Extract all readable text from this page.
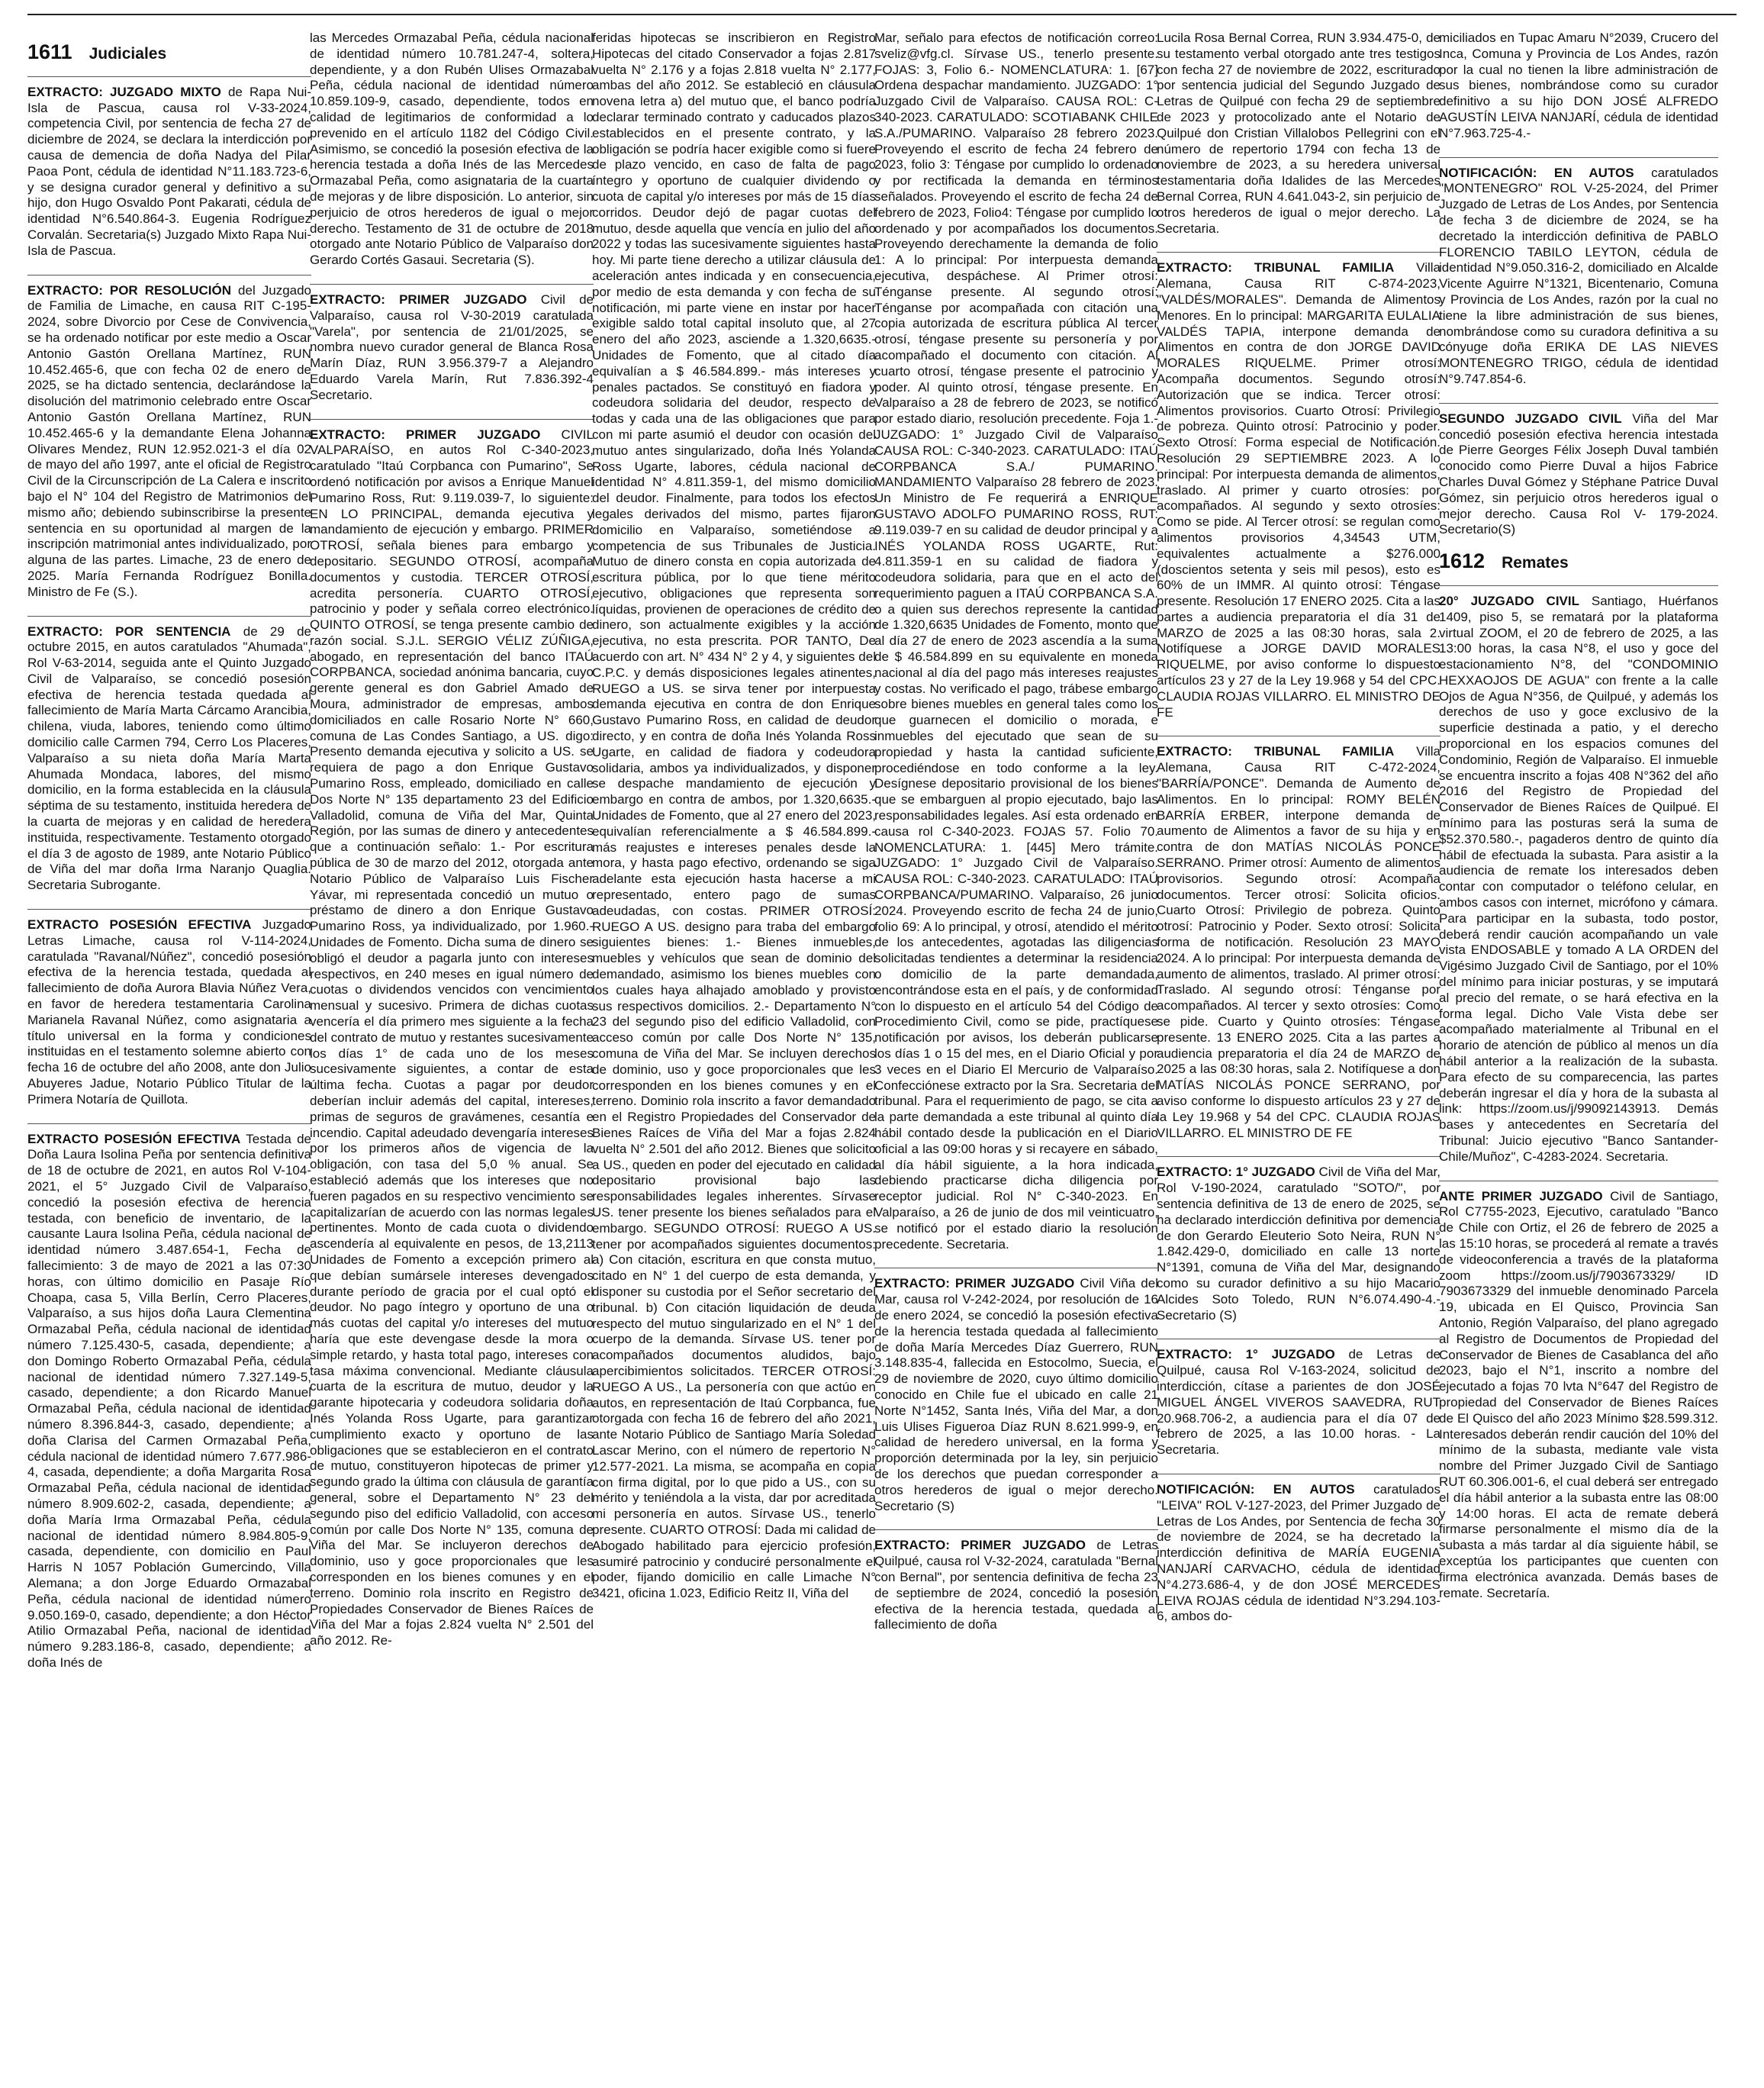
1611 Judiciales
EXTRACTO: JUZGADO MIXTO de Rapa Nui-Isla de Pascua, causa rol V-33-2024, competencia Civil, por sentencia de fecha 27 de diciembre de 2024, se declara la interdicción por causa de demencia de doña Nadya del Pilar Paoa Pont, cédula de identidad N°11.183.723-6, y se designa curador general y definitivo a su hijo, don Hugo Osvaldo Pont Pakarati, cédula de identidad N°6.540.864-3. Eugenia Rodríguez Corvalán. Secretaria(s) Juzgado Mixto Rapa Nui-Isla de Pascua.
EXTRACTO: POR RESOLUCIÓN del Juzgado de Familia de Limache, en causa RIT C-195-2024, sobre Divorcio por Cese de Convivencia, se ha ordenado notificar por este medio a Oscar Antonio Gastón Orellana Martínez, RUN 10.452.465-6, que con fecha 02 de enero de 2025, se ha dictado sentencia, declarándose la disolución del matrimonio celebrado entre Oscar Antonio Gastón Orellana Martínez, RUN 10.452.465-6 y la demandante Elena Johanna Olivares Mendez, RUN 12.952.021-3 el día 02 de mayo del año 1997, ante el oficial de Registro Civil de la Circunscripción de La Calera e inscrito bajo el N° 104 del Registro de Matrimonios del mismo año; debiendo subinscribirse la presente sentencia en su oportunidad al margen de la inscripción matrimonial antes individualizado, por alguna de las partes. Limache, 23 de enero de 2025. María Fernanda Rodríguez Bonilla. Ministro de Fe (S.).
EXTRACTO: POR SENTENCIA de 29 de octubre 2015, en autos caratulados "Ahumada", Rol V-63-2014, seguida ante el Quinto Juzgado Civil de Valparaíso, se concedió posesión efectiva de herencia testada quedada al fallecimiento de María Marta Cárcamo Arancibia, chilena, viuda, labores, teniendo como último domicilio calle Carmen 794, Cerro Los Placeres, Valparaíso a su nieta doña María Marta Ahumada Mondaca, labores, del mismo domicilio, en la forma establecida en la cláusula séptima de su testamento, instituida heredera de la cuarta de mejoras y en calidad de heredera instituida, respectivamente. Testamento otorgado el día 3 de agosto de 1989, ante Notario Público de Viña del mar doña Irma Naranjo Quaglia. Secretaria Subrogante.
EXTRACTO POSESIÓN EFECTIVA Juzgado Letras Limache, causa rol V-114-2024, caratulada "Ravanal/Núñez", concedió posesión efectiva de la herencia testada, quedada al fallecimiento de doña Aurora Blavia Núñez Vera, en favor de heredera testamentaria Carolina Marianela Ravanal Núñez, como asignataria a título universal en la forma y condiciones instituidas en el testamento solemne abierto con fecha 16 de octubre del año 2008, ante don Julio Abuyeres Jadue, Notario Público Titular de la Primera Notaría de Quillota.
EXTRACTO POSESIÓN EFECTIVA Testada de Doña Laura Isolina Peña por sentencia definitiva de 18 de octubre de 2021, en autos Rol V-104- 2021, el 5° Juzgado Civil de Valparaíso, concedió la posesión efectiva de herencia testada, con beneficio de inventario, de la causante Laura Isolina Peña, cédula nacional de identidad número 3.487.654-1, Fecha de fallecimiento: 3 de mayo de 2021 a las 07:30 horas, con último domicilio en Pasaje Río Choapa, casa 5, Villa Berlín, Cerro Placeres, Valparaíso, a sus hijos doña Laura Clementina Ormazabal Peña, cédula nacional de identidad número 7.125.430-5, casada, dependiente; a don Domingo Roberto Ormazabal Peña, cédula nacional de identidad número 7.327.149-5, casado, dependiente; a don Ricardo Manuel Ormazabal Peña, cédula nacional de identidad número 8.396.844-3, casado, dependiente; a doña Clarisa del Carmen Ormazabal Peña, cédula nacional de identidad número 7.677.986-4, casada, dependiente; a doña Margarita Rosa Ormazabal Peña, cédula nacional de identidad número 8.909.602-2, casada, dependiente; a doña María Irma Ormazabal Peña, cédula nacional de identidad número 8.984.805-9, casada, dependiente, con domicilio en Paul Harris N 1057 Población Gumercindo, Villa Alemana; a don Jorge Eduardo Ormazabal Peña, cédula nacional de identidad número 9.050.169-0, casado, dependiente; a don Héctor Atilio Ormazabal Peña, nacional de identidad número 9.283.186-8, casado, dependiente; a doña Inés de
las Mercedes Ormazabal Peña, cédula nacional de identidad número 10.781.247-4, soltera, dependiente, y a don Rubén Ulises Ormazabal Peña, cédula nacional de identidad número 10.859.109-9, casado, dependiente, todos en calidad de legitimarios de conformidad a lo prevenido en el artículo 1182 del Código Civil. Asimismo, se concedió la posesión efectiva de la herencia testada a doña Inés de las Mercedes Ormazabal Peña, como asignataria de la cuarta de mejoras y de libre disposición. Lo anterior, sin perjuicio de otros herederos de igual o mejor derecho. Testamento de 31 de octubre de 2018 otorgado ante Notario Público de Valparaíso don Gerardo Cortés Gasaui. Secretaria (S).
EXTRACTO: PRIMER JUZGADO Civil de Valparaíso, causa rol V-30-2019 caratulada "Varela", por sentencia de 21/01/2025, se nombra nuevo curador general de Blanca Rosa Marín Díaz, RUN 3.956.379-7 a Alejandro Eduardo Varela Marín, Rut 7.836.392-4 Secretario.
EXTRACTO: PRIMER JUZGADO CIVIL VALPARAÍSO, en autos Rol C-340-2023, caratulado "Itaú Corpbanca con Pumarino", Se ordenó notificación por avisos a Enrique Manuel Pumarino Ross, Rut: 9.119.039-7, lo siguiente: EN LO PRINCIPAL, demanda ejecutiva y mandamiento de ejecución y embargo. PRIMER OTROSÍ, señala bienes para embargo y depositario. SEGUNDO OTROSÍ, acompaña documentos y custodia. TERCER OTROSÍ, acredita personería. CUARTO OTROSÍ, patrocinio y poder y señala correo electrónico. QUINTO OTROSÍ, se tenga presente cambio de razón social. S.J.L. SERGIO VÉLIZ ZÚÑIGA, abogado, en representación del banco ITAÚ CORPBANCA, sociedad anónima bancaria, cuyo gerente general es don Gabriel Amado de Moura, administrador de empresas, ambos domiciliados en calle Rosario Norte N° 660, comuna de Las Condes Santiago, a US. digo: Presento demanda ejecutiva y solicito a US. se requiera de pago a don Enrique Gustavo Pumarino Ross, empleado, domiciliado en calle Dos Norte N° 135 departamento 23 del Edificio Valladolid, comuna de Viña del Mar, Quinta Región, por las sumas de dinero y antecedentes que a continuación señalo: 1.- Por escritura pública de 30 de marzo del 2012, otorgada ante Notario Público de Valparaíso Luis Fischer Yávar, mi representada concedió un mutuo o préstamo de dinero a don Enrique Gustavo Pumarino Ross, ya individualizado, por 1.960.- Unidades de Fomento. Dicha suma de dinero se obligó el deudor a pagarla junto con intereses respectivos, en 240 meses en igual número de cuotas o dividendos vencidos con vencimiento mensual y sucesivo. Primera de dichas cuotas vencería el día primero mes siguiente a la fecha del contrato de mutuo y restantes sucesivamente los días 1° de cada uno de los meses sucesivamente siguientes, a contar de esta última fecha. Cuotas a pagar por deudor deberían incluir además del capital, intereses, primas de seguros de gravámenes, cesantía e incendio. Capital adeudado devengaría intereses por los primeros años de vigencia de la obligación, con tasa del 5,0 % anual. Se estableció además que los intereses que no fueren pagados en su respectivo vencimiento se capitalizarían de acuerdo con las normas legales pertinentes. Monto de cada cuota o dividendo ascendería al equivalente en pesos, de 13,2113 Unidades de Fomento a excepción primero al que debían sumársele intereses devengados durante período de gracia por el cual optó el deudor. No pago íntegro y oportuno de una o más cuotas del capital y/o intereses del mutuo haría que este devengase desde la mora o simple retardo, y hasta total pago, intereses con tasa máxima convencional. Mediante cláusula cuarta de la escritura de mutuo, deudor y la garante hipotecaria y codeudora solidaria doña Inés Yolanda Ross Ugarte, para garantizar cumplimiento exacto y oportuno de las obligaciones que se establecieron en el contrato de mutuo, constituyeron hipotecas de primer y segundo grado la última con cláusula de garantía general, sobre el Departamento N° 23 del segundo piso del edificio Valladolid, con acceso común por calle Dos Norte N° 135, comuna de Viña del Mar. Se incluyeron derechos de dominio, uso y goce proporcionales que les corresponden en los bienes comunes y en el terreno. Dominio rola inscrito en Registro de Propiedades Conservador de Bienes Raíces de Viña del Mar a fojas 2.824 vuelta N° 2.501 del año 2012. Re-
feridas hipotecas se inscribieron en Registro Hipotecas del citado Conservador a fojas 2.817 vuelta N° 2.176 y a fojas 2.818 vuelta N° 2.177, ambas del año 2012. Se estableció en cláusula novena letra a) del mutuo que, el banco podría declarar terminado contrato y caducados plazos establecidos en el presente contrato, y la obligación se podría hacer exigible como si fuere de plazo vencido, en caso de falta de pago íntegro y oportuno de cualquier dividendo o cuota de capital y/o intereses por más de 15 días corridos. Deudor dejó de pagar cuotas del mutuo, desde aquella que vencía en julio del año 2022 y todas las sucesivamente siguientes hasta hoy. Mi parte tiene derecho a utilizar cláusula de aceleración antes indicada y en consecuencia, por medio de esta demanda y con fecha de su notificación, mi parte viene en instar por hacer exigible saldo total capital insoluto que, al 27 enero del año 2023, asciende a 1.320,6635.- Unidades de Fomento, que al citado día equivalían a $ 46.584.899.- más intereses y penales pactados. Se constituyó en fiadora y codeudora solidaria del deudor, respecto de todas y cada una de las obligaciones que para con mi parte asumió el deudor con ocasión del mutuo antes singularizado, doña Inés Yolanda Ross Ugarte, labores, cédula nacional de identidad N° 4.811.359-1, del mismo domicilio del deudor. Finalmente, para todos los efectos legales derivados del mismo, partes fijaron domicilio en Valparaíso, sometiéndose a competencia de sus Tribunales de Justicia. Mutuo de dinero consta en copia autorizada de escritura pública, por lo que tiene mérito ejecutivo, obligaciones que representa son líquidas, provienen de operaciones de crédito de dinero, son actualmente exigibles y la acción ejecutiva, no esta prescrita. POR TANTO, De acuerdo con art. N° 434 N° 2 y 4, y siguientes del C.P.C. y demás disposiciones legales atinentes, RUEGO a US. se sirva tener por interpuesta demanda ejecutiva en contra de don Enrique Gustavo Pumarino Ross, en calidad de deudor directo, y en contra de doña Inés Yolanda Ross Ugarte, en calidad de fiadora y codeudora solidaria, ambos ya individualizados, y disponer se despache mandamiento de ejecución y embargo en contra de ambos, por 1.320,6635.- Unidades de Fomento, que al 27 enero del 2023, equivalían referencialmente a $ 46.584.899.- más reajustes e intereses penales desde la mora, y hasta pago efectivo, ordenando se siga adelante esta ejecución hasta hacerse a mi representado, entero pago de sumas adeudadas, con costas. PRIMER OTROSÍ: RUEGO A US. designo para traba del embargo siguientes bienes: 1.- Bienes inmuebles, muebles y vehículos que sean de dominio del demandado, asimismo los bienes muebles con los cuales haya alhajado amoblado y provisto sus respectivos domicilios. 2.- Departamento N° 23 del segundo piso del edificio Valladolid, con acceso común por calle Dos Norte N° 135, comuna de Viña del Mar. Se incluyen derechos de dominio, uso y goce proporcionales que les corresponden en los bienes comunes y en el terreno. Dominio rola inscrito a favor demandado en el Registro Propiedades del Conservador de Bienes Raíces de Viña del Mar a fojas 2.824 vuelta N° 2.501 del año 2012. Bienes que solicito a US., queden en poder del ejecutado en calidad depositario provisional bajo las responsabilidades legales inherentes. Sírvase US. tener presente los bienes señalados para el embargo. SEGUNDO OTROSÍ: RUEGO A US. tener por acompañados siguientes documentos: a) Con citación, escritura en que consta mutuo, citado en N° 1 del cuerpo de esta demanda, y disponer su custodia por el Señor secretario del tribunal. b) Con citación liquidación de deuda respecto del mutuo singularizado en el N° 1 del cuerpo de la demanda. Sírvase US. tener por acompañados documentos aludidos, bajo apercibimientos solicitados. TERCER OTROSÍ: RUEGO A US., La personería con que actúo en autos, en representación de Itaú Corpbanca, fue otorgada con fecha 16 de febrero del año 2021, ante Notario Público de Santiago María Soledad Lascar Merino, con el número de repertorio N° 12.577-2021. La misma, se acompaña en copia con firma digital, por lo que pido a US., con su mérito y teniéndola a la vista, dar por acreditada mi personería en autos. Sírvase US., tenerlo presente. CUARTO OTROSÍ: Dada mi calidad de Abogado habilitado para ejercicio profesión, asumiré patrocinio y conduciré personalmente el poder, fijando domicilio en calle Limache N° 3421, oficina 1.023, Edificio Reitz II, Viña del
Mar, señalo para efectos de notificación correo: sveliz@vfg.cl. Sírvase US., tenerlo presente. FOJAS: 3, Folio 6.- NOMENCLATURA: 1. [67] Ordena despachar mandamiento. JUZGADO: 1° Juzgado Civil de Valparaíso. CAUSA ROL: C-340-2023. CARATULADO: SCOTIABANK CHILE S.A./PUMARINO. Valparaíso 28 febrero 2023. Proveyendo el escrito de fecha 24 febrero de 2023, folio 3: Téngase por cumplido lo ordenado y por rectificada la demanda en términos señalados. Proveyendo el escrito de fecha 24 de febrero de 2023, Folio4: Téngase por cumplido lo ordenado y por acompañados los documentos. Proveyendo derechamente la demanda de folio 1: A lo principal: Por interpuesta demanda ejecutiva, despáchese. Al Primer otrosí: Ténganse presente. Al segundo otrosí: Ténganse por acompañada con citación una copia autorizada de escritura pública Al tercer otrosí, téngase presente su personería y por acompañado el documento con citación. Al cuarto otrosí, téngase presente el patrocinio y poder. Al quinto otrosí, téngase presente. En Valparaíso a 28 de febrero de 2023, se notificó por estado diario, resolución precedente. Foja 1.- JUZGADO: 1° Juzgado Civil de Valparaíso CAUSA ROL: C-340-2023. CARATULADO: ITAÚ CORPBANCA S.A./ PUMARINO. MANDAMIENTO Valparaíso 28 febrero de 2023. Un Ministro de Fe requerirá a ENRIQUE GUSTAVO ADOLFO PUMARINO ROSS, RUT: 9.119.039-7 en su calidad de deudor principal y a INÉS YOLANDA ROSS UGARTE, Rut: 4.811.359-1 en su calidad de fiadora y codeudora solidaria, para que en el acto del requerimiento paguen a ITAÚ CORPBANCA S.A. o a quien sus derechos represente la cantidad de 1.320,6635 Unidades de Fomento, monto que al día 27 de enero de 2023 ascendía a la suma de $ 46.584.899 en su equivalente en moneda nacional al día del pago más intereses reajustes y costas. No verificado el pago, trábese embargo sobre bienes muebles en general tales como los que guarnecen el domicilio o morada, e inmuebles del ejecutado que sean de su propiedad y hasta la cantidad suficiente, procediéndose en todo conforme a la ley. Desígnese depositario provisional de los bienes que se embarguen al propio ejecutado, bajo las responsabilidades legales. Así esta ordenado en causa rol C-340-2023. FOJAS 57. Folio 70. NOMENCLATURA: 1. [445] Mero trámite. JUZGADO: 1° Juzgado Civil de Valparaíso. CAUSA ROL: C-340-2023. CARATULADO: ITAÚ CORPBANCA/PUMARINO. Valparaíso, 26 junio 2024. Proveyendo escrito de fecha 24 de junio, folio 69: A lo principal, y otrosí, atendido el mérito de los antecedentes, agotadas las diligencias solicitadas tendientes a determinar la residencia o domicilio de la parte demandada, encontrándose esta en el país, y de conformidad con lo dispuesto en el artículo 54 del Código de Procedimiento Civil, como se pide, practíquese notificación por avisos, los deberán publicarse los días 1 o 15 del mes, en el Diario Oficial y por 3 veces en el Diario El Mercurio de Valparaíso. Confecciónese extracto por la Sra. Secretaria del tribunal. Para el requerimiento de pago, se cita a la parte demandada a este tribunal al quinto día hábil contado desde la publicación en el Diario oficial a las 09:00 horas y si recayere en sábado, al día hábil siguiente, a la hora indicada, debiendo practicarse dicha diligencia por receptor judicial. Rol N° C-340-2023. En Valparaíso, a 26 de junio de dos mil veinticuatro, se notificó por el estado diario la resolución precedente. Secretaria.
EXTRACTO: PRIMER JUZGADO Civil Viña del Mar, causa rol V-242-2024, por resolución de 16 de enero 2024, se concedió la posesión efectiva de la herencia testada quedada al fallecimiento de doña María Mercedes Díaz Guerrero, RUN 3.148.835-4, fallecida en Estocolmo, Suecia, el 29 de noviembre de 2020, cuyo último domicilio conocido en Chile fue el ubicado en calle 21 Norte N°1452, Santa Inés, Viña del Mar, a don Luis Ulises Figueroa Díaz RUN 8.621.999-9, en calidad de heredero universal, en la forma y proporción determinada por la ley, sin perjuicio de los derechos que puedan corresponder a otros herederos de igual o mejor derecho. Secretario (S)
EXTRACTO: PRIMER JUZGADO de Letras Quilpué, causa rol V-32-2024, caratulada "Bernal con Bernal", por sentencia definitiva de fecha 23 de septiembre de 2024, concedió la posesión efectiva de la herencia testada, quedada al fallecimiento de doña
Lucila Rosa Bernal Correa, RUN 3.934.475-0, de su testamento verbal otorgado ante tres testigos con fecha 27 de noviembre de 2022, escriturado por sentencia judicial del Segundo Juzgado de Letras de Quilpué con fecha 29 de septiembre de 2023 y protocolizado ante el Notario de Quilpué don Cristian Villalobos Pellegrini con el número de repertorio 1794 con fecha 13 de noviembre de 2023, a su heredera universal testamentaria doña Idalides de las Mercedes Bernal Correa, RUN 4.641.043-2, sin perjuicio de otros herederos de igual o mejor derecho. La Secretaria.
EXTRACTO: TRIBUNAL FAMILIA Villa Alemana, Causa RIT C-874-2023, "VALDÉS/MORALES". Demanda de Alimentos Menores. En lo principal: MARGARITA EULALIA VALDÉS TAPIA, interpone demanda de Alimentos en contra de don JORGE DAVID MORALES RIQUELME. Primer otrosí: Acompaña documentos. Segundo otrosí: Autorización que se indica. Tercer otrosí: Alimentos provisorios. Cuarto Otrosí: Privilegio de pobreza. Quinto otrosí: Patrocinio y poder. Sexto Otrosí: Forma especial de Notificación. Resolución 29 SEPTIEMBRE 2023. A lo principal: Por interpuesta demanda de alimentos, traslado. Al primer y cuarto otrosíes: por acompañados. Al segundo y sexto otrosíes: Como se pide. Al Tercer otrosí: se regulan como alimentos provisorios 4,34543 UTM, equivalentes actualmente a $276.000 (doscientos setenta y seis mil pesos), esto es 60% de un IMMR. Al quinto otrosí: Téngase presente. Resolución 17 ENERO 2025. Cita a las partes a audiencia preparatoria el día 31 de MARZO de 2025 a las 08:30 horas, sala 2. Notifíquese a JORGE DAVID MORALES RIQUELME, por aviso conforme lo dispuesto artículos 23 y 27 de la Ley 19.968 y 54 del CPC. CLAUDIA ROJAS VILLARRO. EL MINISTRO DE FE
EXTRACTO: TRIBUNAL FAMILIA Villa Alemana, Causa RIT C-472-2024, "BARRÍA/PONCE". Demanda de Aumento de Alimentos. En lo principal: ROMY BELÉN BARRÍA ERBER, interpone demanda de aumento de Alimentos a favor de su hija y en contra de don MATÍAS NICOLÁS PONCE SERRANO. Primer otrosí: Aumento de alimentos provisorios. Segundo otrosí: Acompaña documentos. Tercer otrosí: Solicita oficios. Cuarto Otrosí: Privilegio de pobreza. Quinto otrosí: Patrocinio y Poder. Sexto otrosí: Solicita forma de notificación. Resolución 23 MAYO 2024. A lo principal: Por interpuesta demanda de aumento de alimentos, traslado. Al primer otrosí: Traslado. Al segundo otrosí: Ténganse por acompañados. Al tercer y sexto otrosíes: Como se pide. Cuarto y Quinto otrosíes: Téngase presente. 13 ENERO 2025. Cita a las partes a audiencia preparatoria el día 24 de MARZO de 2025 a las 08:30 horas, sala 2. Notifíquese a don MATÍAS NICOLÁS PONCE SERRANO, por aviso conforme lo dispuesto artículos 23 y 27 de la Ley 19.968 y 54 del CPC. CLAUDIA ROJAS VILLARRO. EL MINISTRO DE FE
EXTRACTO: 1° JUZGADO Civil de Viña del Mar, Rol V-190-2024, caratulado "SOTO/", por sentencia definitiva de 13 de enero de 2025, se ha declarado interdicción definitiva por demencia de don Gerardo Eleuterio Soto Neira, RUN N° 1.842.429-0, domiciliado en calle 13 norte N°1391, comuna de Viña del Mar, designando como su curador definitivo a su hijo Macario Alcides Soto Toledo, RUN N°6.074.490-4.- Secretario (S)
EXTRACTO: 1° JUZGADO de Letras de Quilpué, causa Rol V-163-2024, solicitud de interdicción, cítase a parientes de don JOSÉ MIGUEL ÁNGEL VIVEROS SAAVEDRA, RUT 20.968.706-2, a audiencia para el día 07 de febrero de 2025, a las 10.00 horas. - La Secretaria.
NOTIFICACIÓN: EN AUTOS caratulados "LEIVA" ROL V-127-2023, del Primer Juzgado de Letras de Los Andes, por Sentencia de fecha 30 de noviembre de 2024, se ha decretado la interdicción definitiva de MARÍA EUGENIA NANJARÍ CARVACHO, cédula de identidad N°4.273.686-4, y de don JOSÉ MERCEDES LEIVA ROJAS cédula de identidad N°3.294.103-6, ambos do-
miciliados en Tupac Amaru N°2039, Crucero del Inca, Comuna y Provincia de Los Andes, razón por la cual no tienen la libre administración de sus bienes, nombrándose como su curador definitivo a su hijo DON JOSÉ ALFREDO AGUSTÍN LEIVA NANJARÍ, cédula de identidad N°7.963.725-4.-
NOTIFICACIÓN: EN AUTOS caratulados "MONTENEGRO" ROL V-25-2024, del Primer Juzgado de Letras de Los Andes, por Sentencia de fecha 3 de diciembre de 2024, se ha decretado la interdicción definitiva de PABLO FLORENCIO TABILO LEYTON, cédula de identidad N°9.050.316-2, domiciliado en Alcalde Vicente Aguirre N°1321, Bicentenario, Comuna y Provincia de Los Andes, razón por la cual no tiene la libre administración de sus bienes, nombrándose como su curadora definitiva a su cónyuge doña ERIKA DE LAS NIEVES MONTENEGRO TRIGO, cédula de identidad N°9.747.854-6.
SEGUNDO JUZGADO CIVIL Viña del Mar concedió posesión efectiva herencia intestada de Pierre Georges Félix Joseph Duval también conocido como Pierre Duval a hijos Fabrice Charles Duval Gómez y Stéphane Patrice Duval Gómez, sin perjuicio otros herederos igual o mejor derecho. Causa Rol V- 179-2024. Secretario(S)
1612 Remates
20° JUZGADO CIVIL Santiago, Huérfanos 1409, piso 5, se rematará por la plataforma virtual ZOOM, el 20 de febrero de 2025, a las 13:00 horas, la casa N°8, el uso y goce del estacionamiento N°8, del "CONDOMINIO HEXXAOJOS DE AGUA" con frente a la calle Ojos de Agua N°356, de Quilpué, y además los derechos de uso y goce exclusivo de la superficie destinada a patio, y el derecho proporcional en los espacios comunes del Condominio, Región de Valparaíso. El inmueble se encuentra inscrito a fojas 408 N°362 del año 2016 del Registro de Propiedad del Conservador de Bienes Raíces de Quilpué. El mínimo para las posturas será la suma de $52.370.580.-, pagaderos dentro de quinto día hábil de efectuada la subasta. Para asistir a la audiencia de remate los interesados deben contar con computador o teléfono celular, en ambos casos con internet, micrófono y cámara. Para participar en la subasta, todo postor, deberá rendir caución acompañando un vale vista ENDOSABLE y tomado A LA ORDEN del Vigésimo Juzgado Civil de Santiago, por el 10% del mínimo para iniciar posturas, y se imputará al precio del remate, o se hará efectiva en la forma legal. Dicho Vale Vista debe ser acompañado materialmente al Tribunal en el horario de atención de público al menos un día hábil anterior a la realización de la subasta. Para efecto de su comparecencia, las partes deberán ingresar el día y hora de la subasta al link: https://zoom.us/j/99092143913. Demás bases y antecedentes en Secretaría del Tribunal: Juicio ejecutivo "Banco Santander-Chile/Muñoz", C-4283-2024. Secretaria.
ANTE PRIMER JUZGADO Civil de Santiago, Rol C7755-2023, Ejecutivo, caratulado "Banco de Chile con Ortiz, el 26 de febrero de 2025 a las 15:10 horas, se procederá al remate a través de videoconferencia a través de la plataforma zoom https://zoom.us/j/7903673329/ ID 7903673329 del inmueble denominado Parcela 19, ubicada en El Quisco, Provincia San Antonio, Región Valparaíso, del plano agregado al Registro de Documentos de Propiedad del Conservador de Bienes de Casablanca del año 2023, bajo el N°1, inscrito a nombre del ejecutado a fojas 70 lvta N°647 del Registro de propiedad del Conservador de Bienes Raíces de El Quisco del año 2023 Mínimo $28.599.312. Interesados deberán rendir caución del 10% del mínimo de la subasta, mediante vale vista nombre del Primer Juzgado Civil de Santiago RUT 60.306.001-6, el cual deberá ser entregado el día hábil anterior a la subasta entre las 08:00 y 14:00 horas. El acta de remate deberá firmarse personalmente el mismo día de la subasta a más tardar al día siguiente hábil, se exceptúa los participantes que cuenten con firma electrónica avanzada. Demás bases de remate. Secretaría.
